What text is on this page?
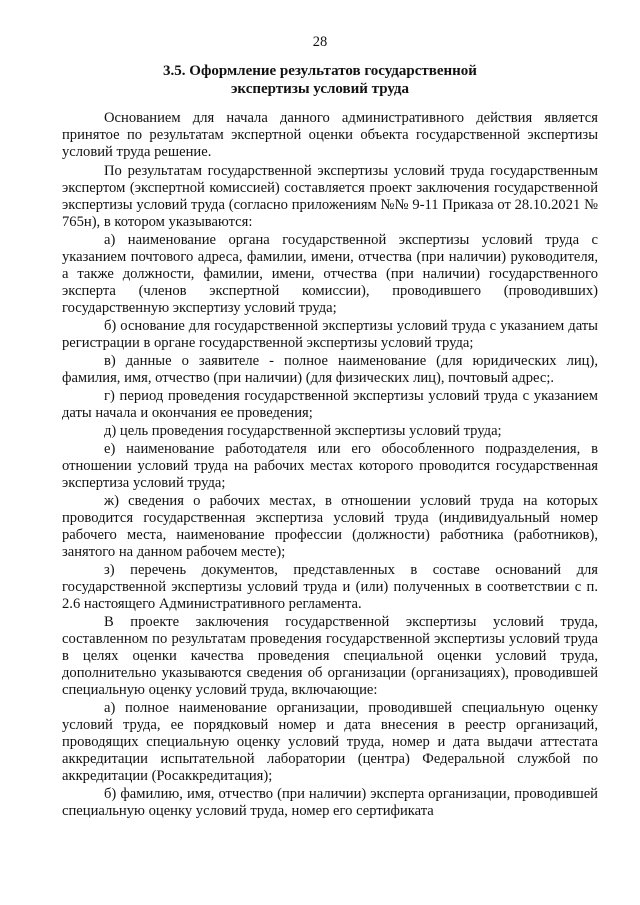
28
3.5. Оформление результатов государственной
экспертизы условий труда

Основанием для начала данного административного действия является принятое по результатам экспертной оценки объекта государственной экспертизы условий труда решение.

По результатам государственной экспертизы условий труда государственным экспертом (экспертной комиссией) составляется проект заключения государственной экспертизы условий труда (согласно приложениям №№ 9-11 Приказа от 28.10.2021 № 765н), в котором указываются:

а) наименование органа государственной экспертизы условий труда с указанием почтового адреса, фамилии, имени, отчества (при наличии) руководителя, а также должности, фамилии, имени, отчества (при наличии) государственного эксперта (членов экспертной комиссии), проводившего (проводивших) государственную экспертизу условий труда;

б) основание для государственной экспертизы условий труда с указанием даты регистрации в органе государственной экспертизы условий труда;

в) данные о заявителе - полное наименование (для юридических лиц), фамилия, имя, отчество (при наличии) (для физических лиц), почтовый адрес;.

г) период проведения государственной экспертизы условий труда с указанием даты начала и окончания ее проведения;

д) цель проведения государственной экспертизы условий труда;

е) наименование работодателя или его обособленного подразделения, в отношении условий труда на рабочих местах которого проводится государственная экспертиза условий труда;

ж) сведения о рабочих местах, в отношении условий труда на которых проводится государственная экспертиза условий труда (индивидуальный номер рабочего места, наименование профессии (должности) работника (работников), занятого на данном рабочем месте);

з) перечень документов, представленных в составе оснований для государственной экспертизы условий труда и (или) полученных в соответствии с п. 2.6 настоящего Административного регламента.

В проекте заключения государственной экспертизы условий труда, составленном по результатам проведения государственной экспертизы условий труда в целях оценки качества проведения специальной оценки условий труда, дополнительно указываются сведения об организации (организациях), проводившей специальную оценку условий труда, включающие:

а) полное наименование организации, проводившей специальную оценку условий труда, ее порядковый номер и дата внесения в реестр организаций, проводящих специальную оценку условий труда, номер и дата выдачи аттестата аккредитации испытательной лаборатории (центра) Федеральной службой по аккредитации (Росаккредитация);

б) фамилию, имя, отчество (при наличии) эксперта организации, проводившей специальную оценку условий труда, номер его сертификата
